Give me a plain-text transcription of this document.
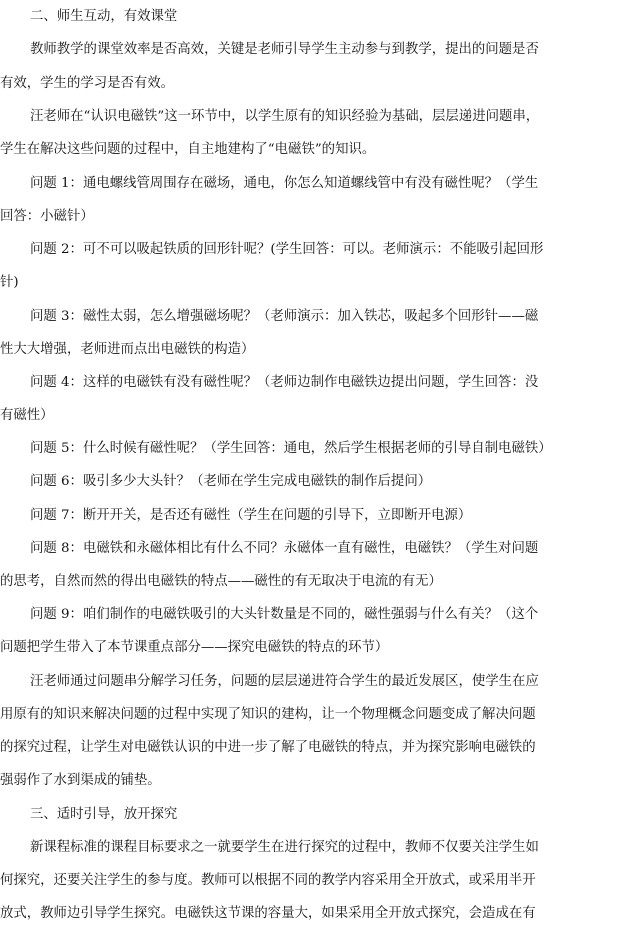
二、师生互动，有效课堂
教师教学的课堂效率是否高效，关键是老师引导学生主动参与到教学，提出的问题是否
有效，学生的学习是否有效。
汪老师在“认识电磁铁”这一环节中，以学生原有的知识经验为基础，层层递进问题串，
学生在解决这些问题的过程中，自主地建构了“电磁铁”的知识。
问题 1：通电螺线管周围存在磁场，通电，你怎么知道螺线管中有没有磁性呢？（学生
回答：小磁针）
问题 2：可不可以吸起铁质的回形针呢？(学生回答：可以。老师演示：不能吸引起回形
针)
问题 3：磁性太弱，怎么增强磁场呢？（老师演示：加入铁芯，吸起多个回形针——磁
性大大增强，老师进而点出电磁铁的构造）
问题 4：这样的电磁铁有没有磁性呢？（老师边制作电磁铁边提出问题，学生回答：没
有磁性）
问题 5：什么时候有磁性呢？（学生回答：通电，然后学生根据老师的引导自制电磁铁）
问题 6：吸引多少大头针？（老师在学生完成电磁铁的制作后提问）
问题 7：断开开关，是否还有磁性（学生在问题的引导下，立即断开电源）
问题 8：电磁铁和永磁体相比有什么不同？永磁体一直有磁性，电磁铁？（学生对问题
的思考，自然而然的得出电磁铁的特点——磁性的有无取决于电流的有无）
问题 9：咱们制作的电磁铁吸引的大头针数量是不同的，磁性强弱与什么有关？（这个
问题把学生带入了本节课重点部分——探究电磁铁的特点的环节）
汪老师通过问题串分解学习任务，问题的层层递进符合学生的最近发展区，使学生在应
用原有的知识来解决问题的过程中实现了知识的建构，让一个物理概念问题变成了解决问题
的探究过程，让学生对电磁铁认识的中进一步了解了电磁铁的特点，并为探究影响电磁铁的
强弱作了水到渠成的铺垫。
三、适时引导，放开探究
新课程标准的课程目标要求之一就要学生在进行探究的过程中，教师不仅要关注学生如
何探究，还要关注学生的参与度。教师可以根据不同的教学内容采用全开放式，或采用半开
放式，教师边引导学生探究。电磁铁这节课的容量大，如果采用全开放式探究，会造成在有
